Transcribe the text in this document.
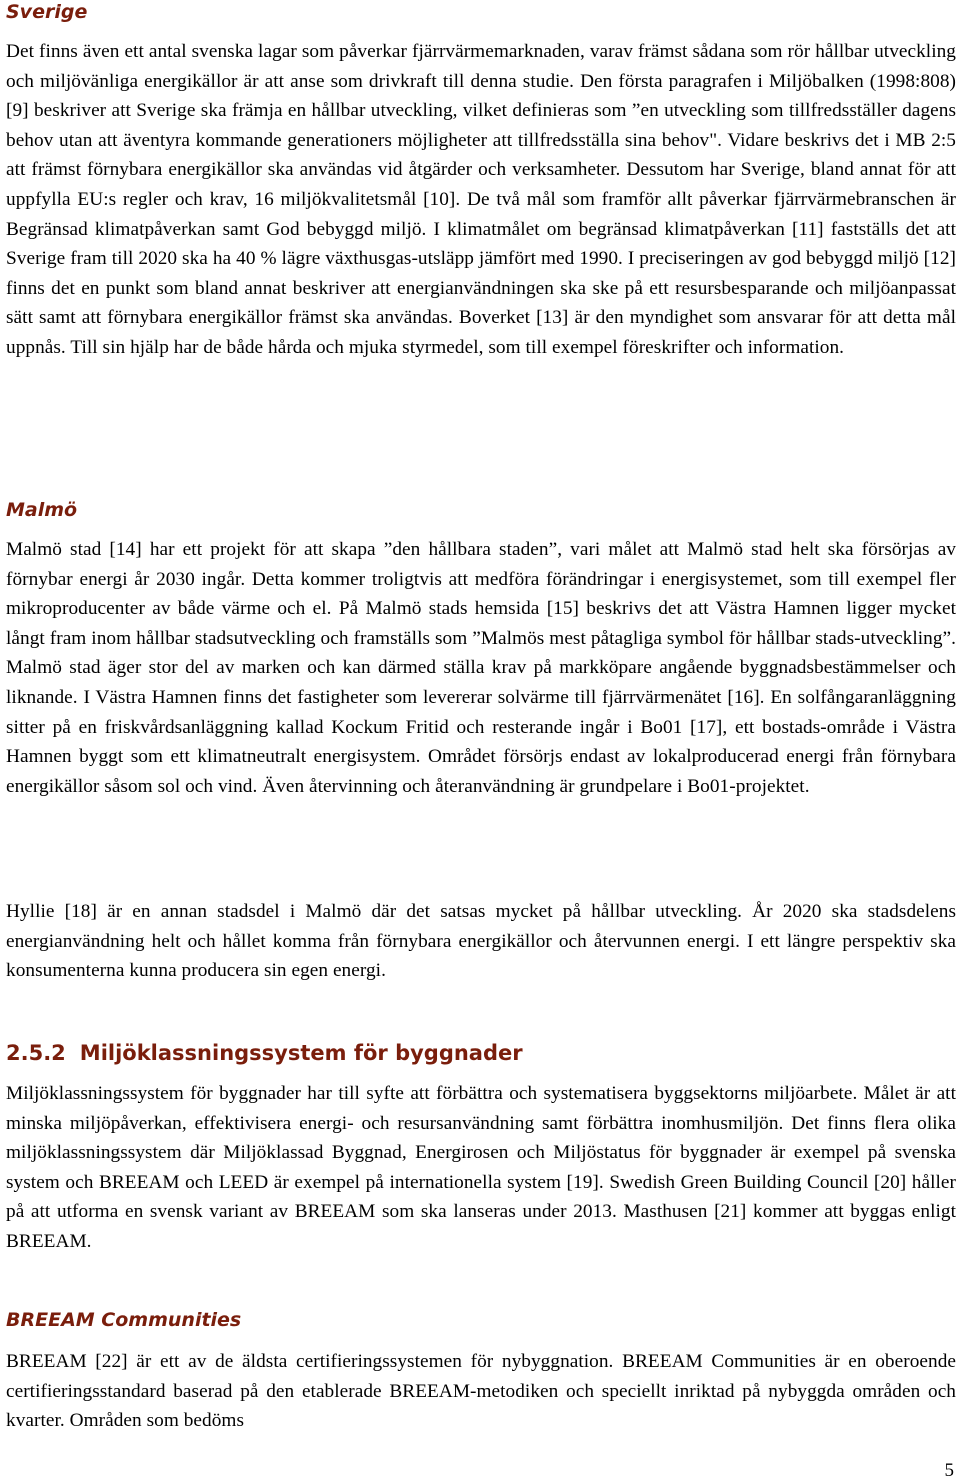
Sverige

Det finns även ett antal svenska lagar som påverkar fjärrvärmemarknaden, varav främst sådana som rör hållbar utveckling och miljövänliga energikällor är att anse som drivkraft till denna studie. Den första paragrafen i Miljöbalken (1998:808) [9] beskriver att Sverige ska främja en hållbar utveckling, vilket definieras som ”en utveckling som tillfredsställer dagens behov utan att äventyra kommande generationers möjligheter att tillfredsställa sina behov". Vidare beskrivs det i MB 2:5 att främst förnybara energikällor ska användas vid åtgärder och verksamheter. Dessutom har Sverige, bland annat för att uppfylla EU:s regler och krav, 16 miljökvalitetsmål [10]. De två mål som framför allt påverkar fjärrvärmebranschen är Begränsad klimatpåverkan samt God bebyggd miljö. I klimatmålet om begränsad klimatpåverkan [11] fastställs det att Sverige fram till 2020 ska ha 40 % lägre växthusgas-utsläpp jämfört med 1990. I preciseringen av god bebyggd miljö [12] finns det en punkt som bland annat beskriver att energianvändningen ska ske på ett resursbesparande och miljöanpassat sätt samt att förnybara energikällor främst ska användas. Boverket [13] är den myndighet som ansvarar för att detta mål uppnås. Till sin hjälp har de både hårda och mjuka styrmedel, som till exempel föreskrifter och information.

Malmö

Malmö stad [14] har ett projekt för att skapa ”den hållbara staden”, vari målet att Malmö stad helt ska försörjas av förnybar energi år 2030 ingår. Detta kommer troligtvis att medföra förändringar i energisystemet, som till exempel fler mikroproducenter av både värme och el. På Malmö stads hemsida [15] beskrivs det att Västra Hamnen ligger mycket långt fram inom hållbar stadsutveckling och framställs som ”Malmös mest påtagliga symbol för hållbar stads-utveckling”. Malmö stad äger stor del av marken och kan därmed ställa krav på markköpare angående byggnadsbestämmelser och liknande. I Västra Hamnen finns det fastigheter som levererar solvärme till fjärrvärmenätet [16]. En solfångaranläggning sitter på en friskvårdsanläggning kallad Kockum Fritid och resterande ingår i Bo01 [17], ett bostads-område i Västra Hamnen byggt som ett klimatneutralt energisystem. Området försörjs endast av lokalproducerad energi från förnybara energikällor såsom sol och vind. Även återvinning och återanvändning är grundpelare i Bo01-projektet.

Hyllie [18] är en annan stadsdel i Malmö där det satsas mycket på hållbar utveckling. År 2020 ska stadsdelens energianvändning helt och hållet komma från förnybara energikällor och återvunnen energi. I ett längre perspektiv ska konsumenterna kunna producera sin egen energi.

2.5.2 Miljöklassningssystem för byggnader

Miljöklassningssystem för byggnader har till syfte att förbättra och systematisera byggsektorns miljöarbete. Målet är att minska miljöpåverkan, effektivisera energi- och resursanvändning samt förbättra inomhusmiljön. Det finns flera olika miljöklassningssystem där Miljöklassad Byggnad, Energirosen och Miljöstatus för byggnader är exempel på svenska system och BREEAM och LEED är exempel på internationella system [19]. Swedish Green Building Council [20] håller på att utforma en svensk variant av BREEAM som ska lanseras under 2013. Masthusen [21] kommer att byggas enligt BREEAM.

BREEAM Communities

BREEAM [22] är ett av de äldsta certifieringssystemen för nybyggnation. BREEAM Communities är en oberoende certifieringsstandard baserad på den etablerade BREEAM-metodiken och speciellt inriktad på nybyggda områden och kvarter. Områden som bedöms

5
